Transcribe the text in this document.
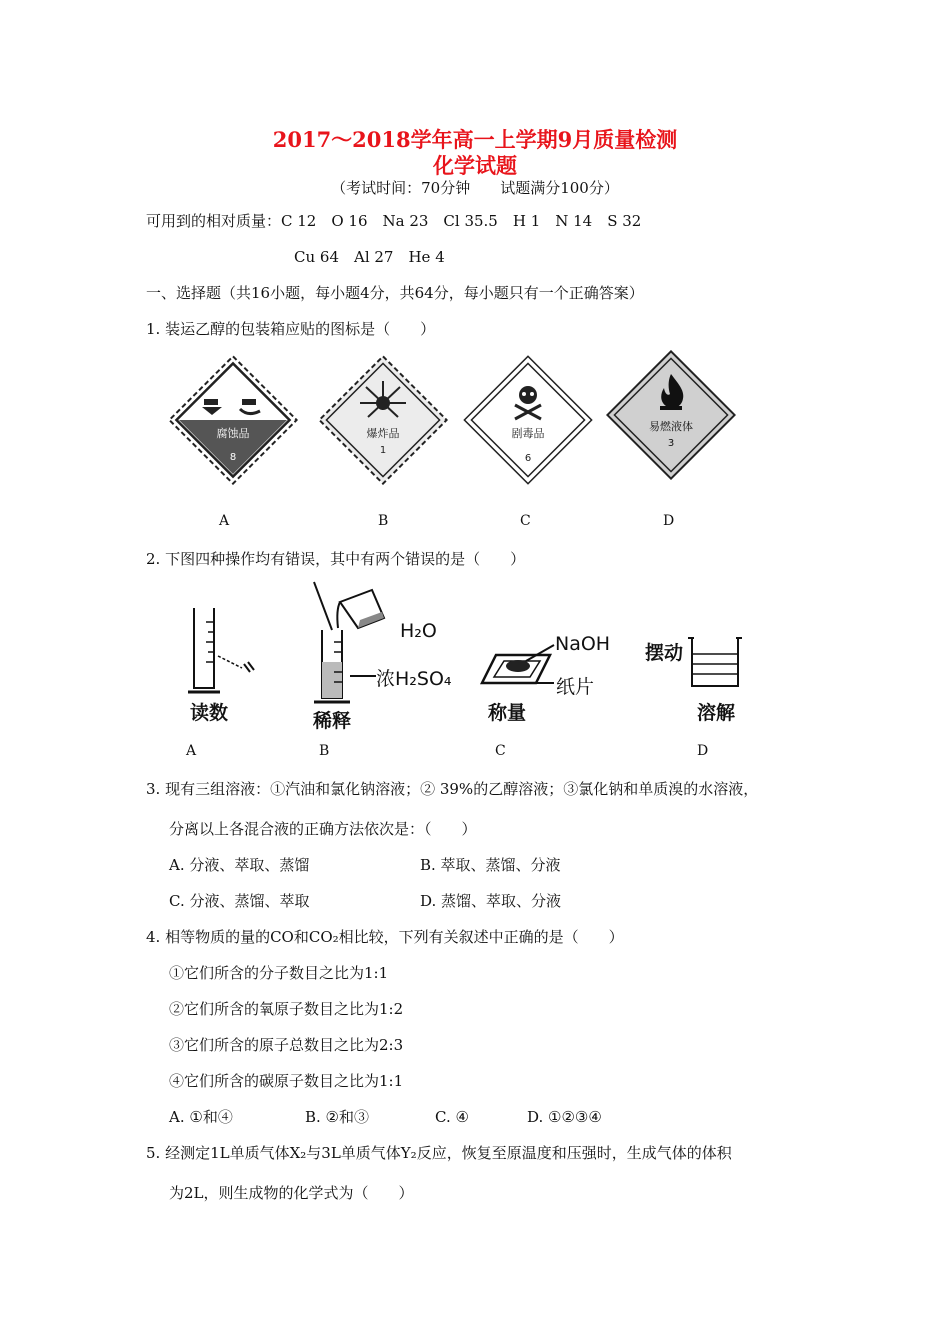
2017～2018学年高一上学期9月质量检测
化学试题
（考试时间：70分钟　　试题满分100分）
可用到的相对质量：C 12　O 16　Na 23　Cl 35.5　H 1　N 14　S 32
Cu 64　Al 27　He 4
一、选择题（共16小题，每小题4分，共64分，每小题只有一个正确答案）
1. 装运乙醇的包装箱应贴的图标是（　　）
腐蚀品
8
爆炸品
1
剧毒品
6
易燃液体
3
A	B	C	D
2. 下图四种操作均有错误，其中有两个错误的是（　　）
读数
H₂O
浓H₂SO₄
稀释
NaOH
纸片
称量
摆动
溶解
A	B	C	D
3. 现有三组溶液：①汽油和氯化钠溶液；② 39%的乙醇溶液；③氯化钠和单质溴的水溶液，
分离以上各混合液的正确方法依次是：（　　）
A. 分液、萃取、蒸馏	B. 萃取、蒸馏、分液
C. 分液、蒸馏、萃取	D. 蒸馏、萃取、分液
4. 相等物质的量的CO和CO₂相比较，下列有关叙述中正确的是（　　）
①它们所含的分子数目之比为1:1
②它们所含的氧原子数目之比为1:2
③它们所含的原子总数目之比为2:3
④它们所含的碳原子数目之比为1:1
A. ①和④	B. ②和③	C. ④	D. ①②③④
5. 经测定1L单质气体X₂与3L单质气体Y₂反应，恢复至原温度和压强时，生成气体的体积
为2L，则生成物的化学式为（　　）
